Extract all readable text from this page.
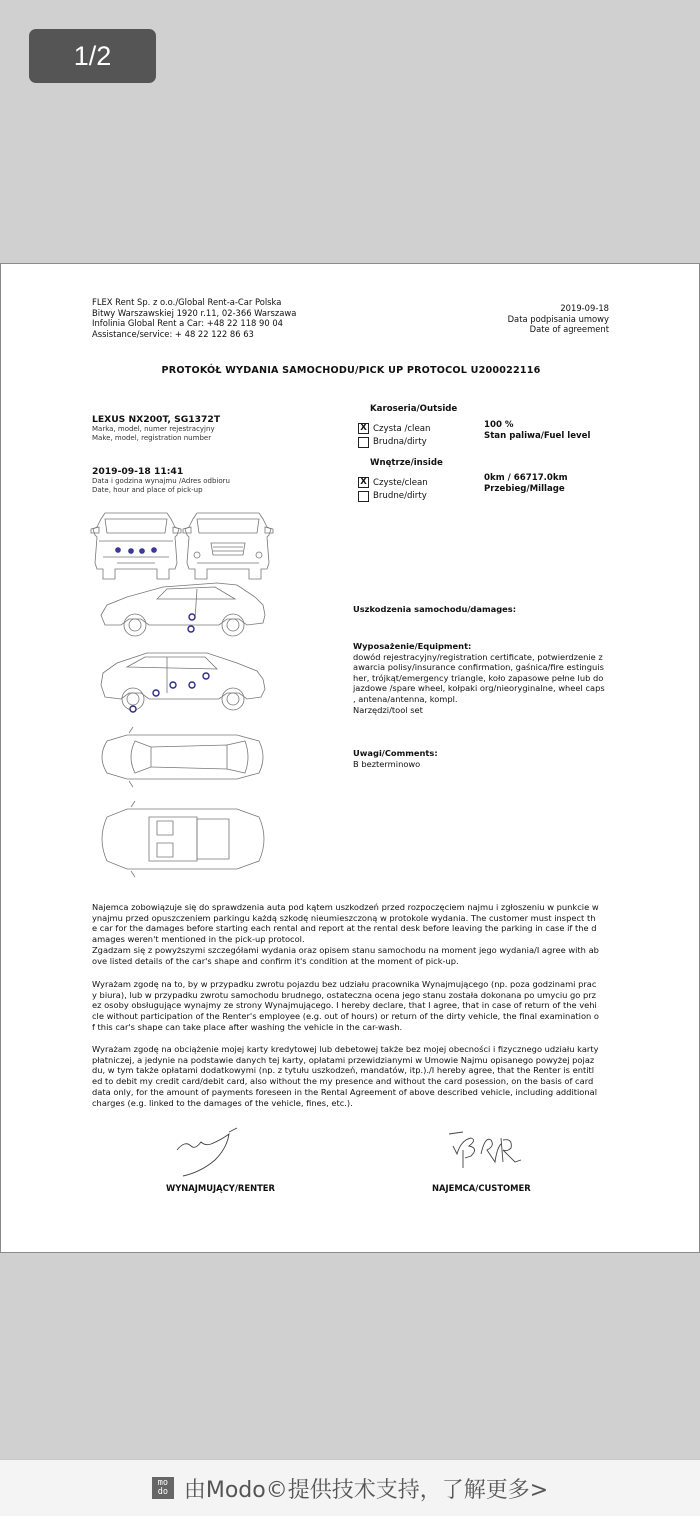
1/2
FLEX Rent Sp. z o.o./Global Rent-a-Car Polska
Bitwy Warszawskiej 1920 r.11, 02-366 Warszawa
Infolinia Global Rent a Car: +48 22 118 90 04
Assistance/service: + 48 22 122 86 63
2019-09-18
Data podpisania umowy
Date of agreement
PROTOKÓŁ WYDANIA SAMOCHODU/PICK UP PROTOCOL U200022116
LEXUS NX200T, SG1372T
Marka, model, numer rejestracyjny
Make, model, registration number
2019-09-18 11:41
Data i godzina wynajmu /Adres odbioru
Date, hour and place of pick-up
Karoseria/Outside
X Czysta /clean
Brudna/dirty
Wnętrze/inside
X Czyste/clean
Brudne/dirty
100 %
Stan paliwa/Fuel level
0km / 66717.0km
Przebieg/Millage
Uszkodzenia samochodu/damages:
Wyposażenie/Equipment:
dowód rejestracyjny/registration certificate, potwierdzenie z
awarcia polisy/insurance confirmation, gaśnica/fire estinguis
her, trójkąt/emergency triangle, koło zapasowe pełne lub do
jazdowe /spare wheel, kołpaki org/nieoryginalne, wheel caps
, antena/antenna, kompl.
Narzędzi/tool set
Uwagi/Comments:
B bezterminowo
Najemca zobowiązuje się do sprawdzenia auta pod kątem uszkodzeń przed rozpoczęciem najmu i zgłoszeniu w punkcie w
ynajmu przed opuszczeniem parkingu każdą szkodę nieumieszczoną w protokole wydania. The customer must inspect th
e car for the damages before starting each rental and report at the rental desk before leaving the parking in case if the d
amages weren't mentioned in the pick-up protocol.
Zgadzam się z powyższymi szczegółami wydania oraz opisem stanu samochodu na moment jego wydania/I agree with ab
ove listed details of the car's shape and confirm it's condition at the moment of pick-up.
Wyrażam zgodę na to, by w przypadku zwrotu pojazdu bez udziału pracownika Wynajmującego (np. poza godzinami prac
y biura), lub w przypadku zwrotu samochodu brudnego, ostateczna ocena jego stanu została dokonana po umyciu go prz
ez osoby obsługujące wynajmy ze strony Wynajmującego. I hereby declare, that I agree, that in case of return of the vehi
cle without participation of the Renter's employee (e.g. out of hours) or return of the dirty vehicle, the final examination o
f this car's shape can take place after washing the vehicle in the car-wash.
Wyrażam zgodę na obciążenie mojej karty kredytowej lub debetowej także bez mojej obecności i fizycznego udziału karty
płatniczej, a jedynie na podstawie danych tej karty, opłatami przewidzianymi w Umowie Najmu opisanego powyżej pojaz
du, w tym także opłatami dodatkowymi (np. z tytułu uszkodzeń, mandatów, itp.)./I hereby agree, that the Renter is entitl
ed to debit my credit card/debit card, also without the my presence and without the card posession, on the basis of card
data only, for the amount of payments foreseen in the Rental Agreement of above described vehicle, including additional
charges (e.g. linked to the damages of the vehicle, fines, etc.).
WYNAJMUJĄCY/RENTER	NAJEMCA/CUSTOMER
mo
do 由Modo©提供技术支持，了解更多>
